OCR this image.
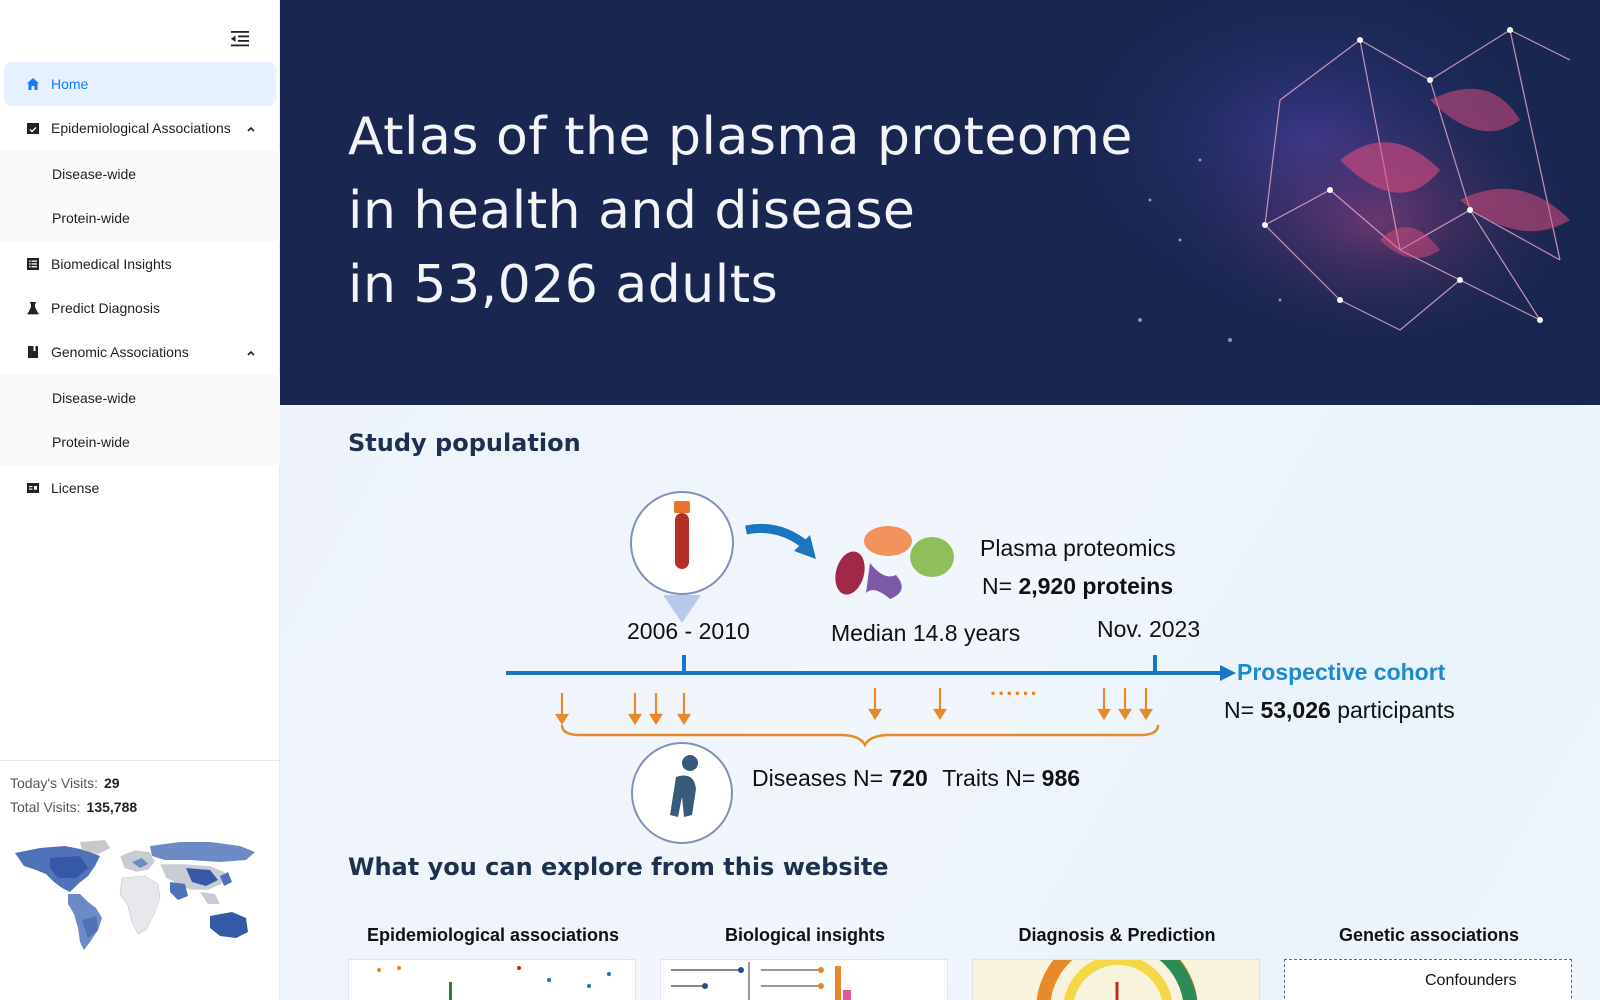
Home
Epidemiological Associations
Disease-wide
Protein-wide
Biomedical Insights
Predict Diagnosis
Genomic Associations
Disease-wide
Protein-wide
License
Today's Visits: 29
Total Visits: 135,788
Atlas of the plasma proteome
in health and disease
in 53,026 adults
Study population
Plasma proteomics
N= 2,920 proteins
2006 - 2010	Median 14.8 years	Nov. 2023
Prospective cohort
N= 53,026 participants
......
Diseases N= 720 Traits N= 986
What you can explore from this website
Epidemiological associations	Biological insights	Diagnosis & Prediction	Genetic associations
Confounders
